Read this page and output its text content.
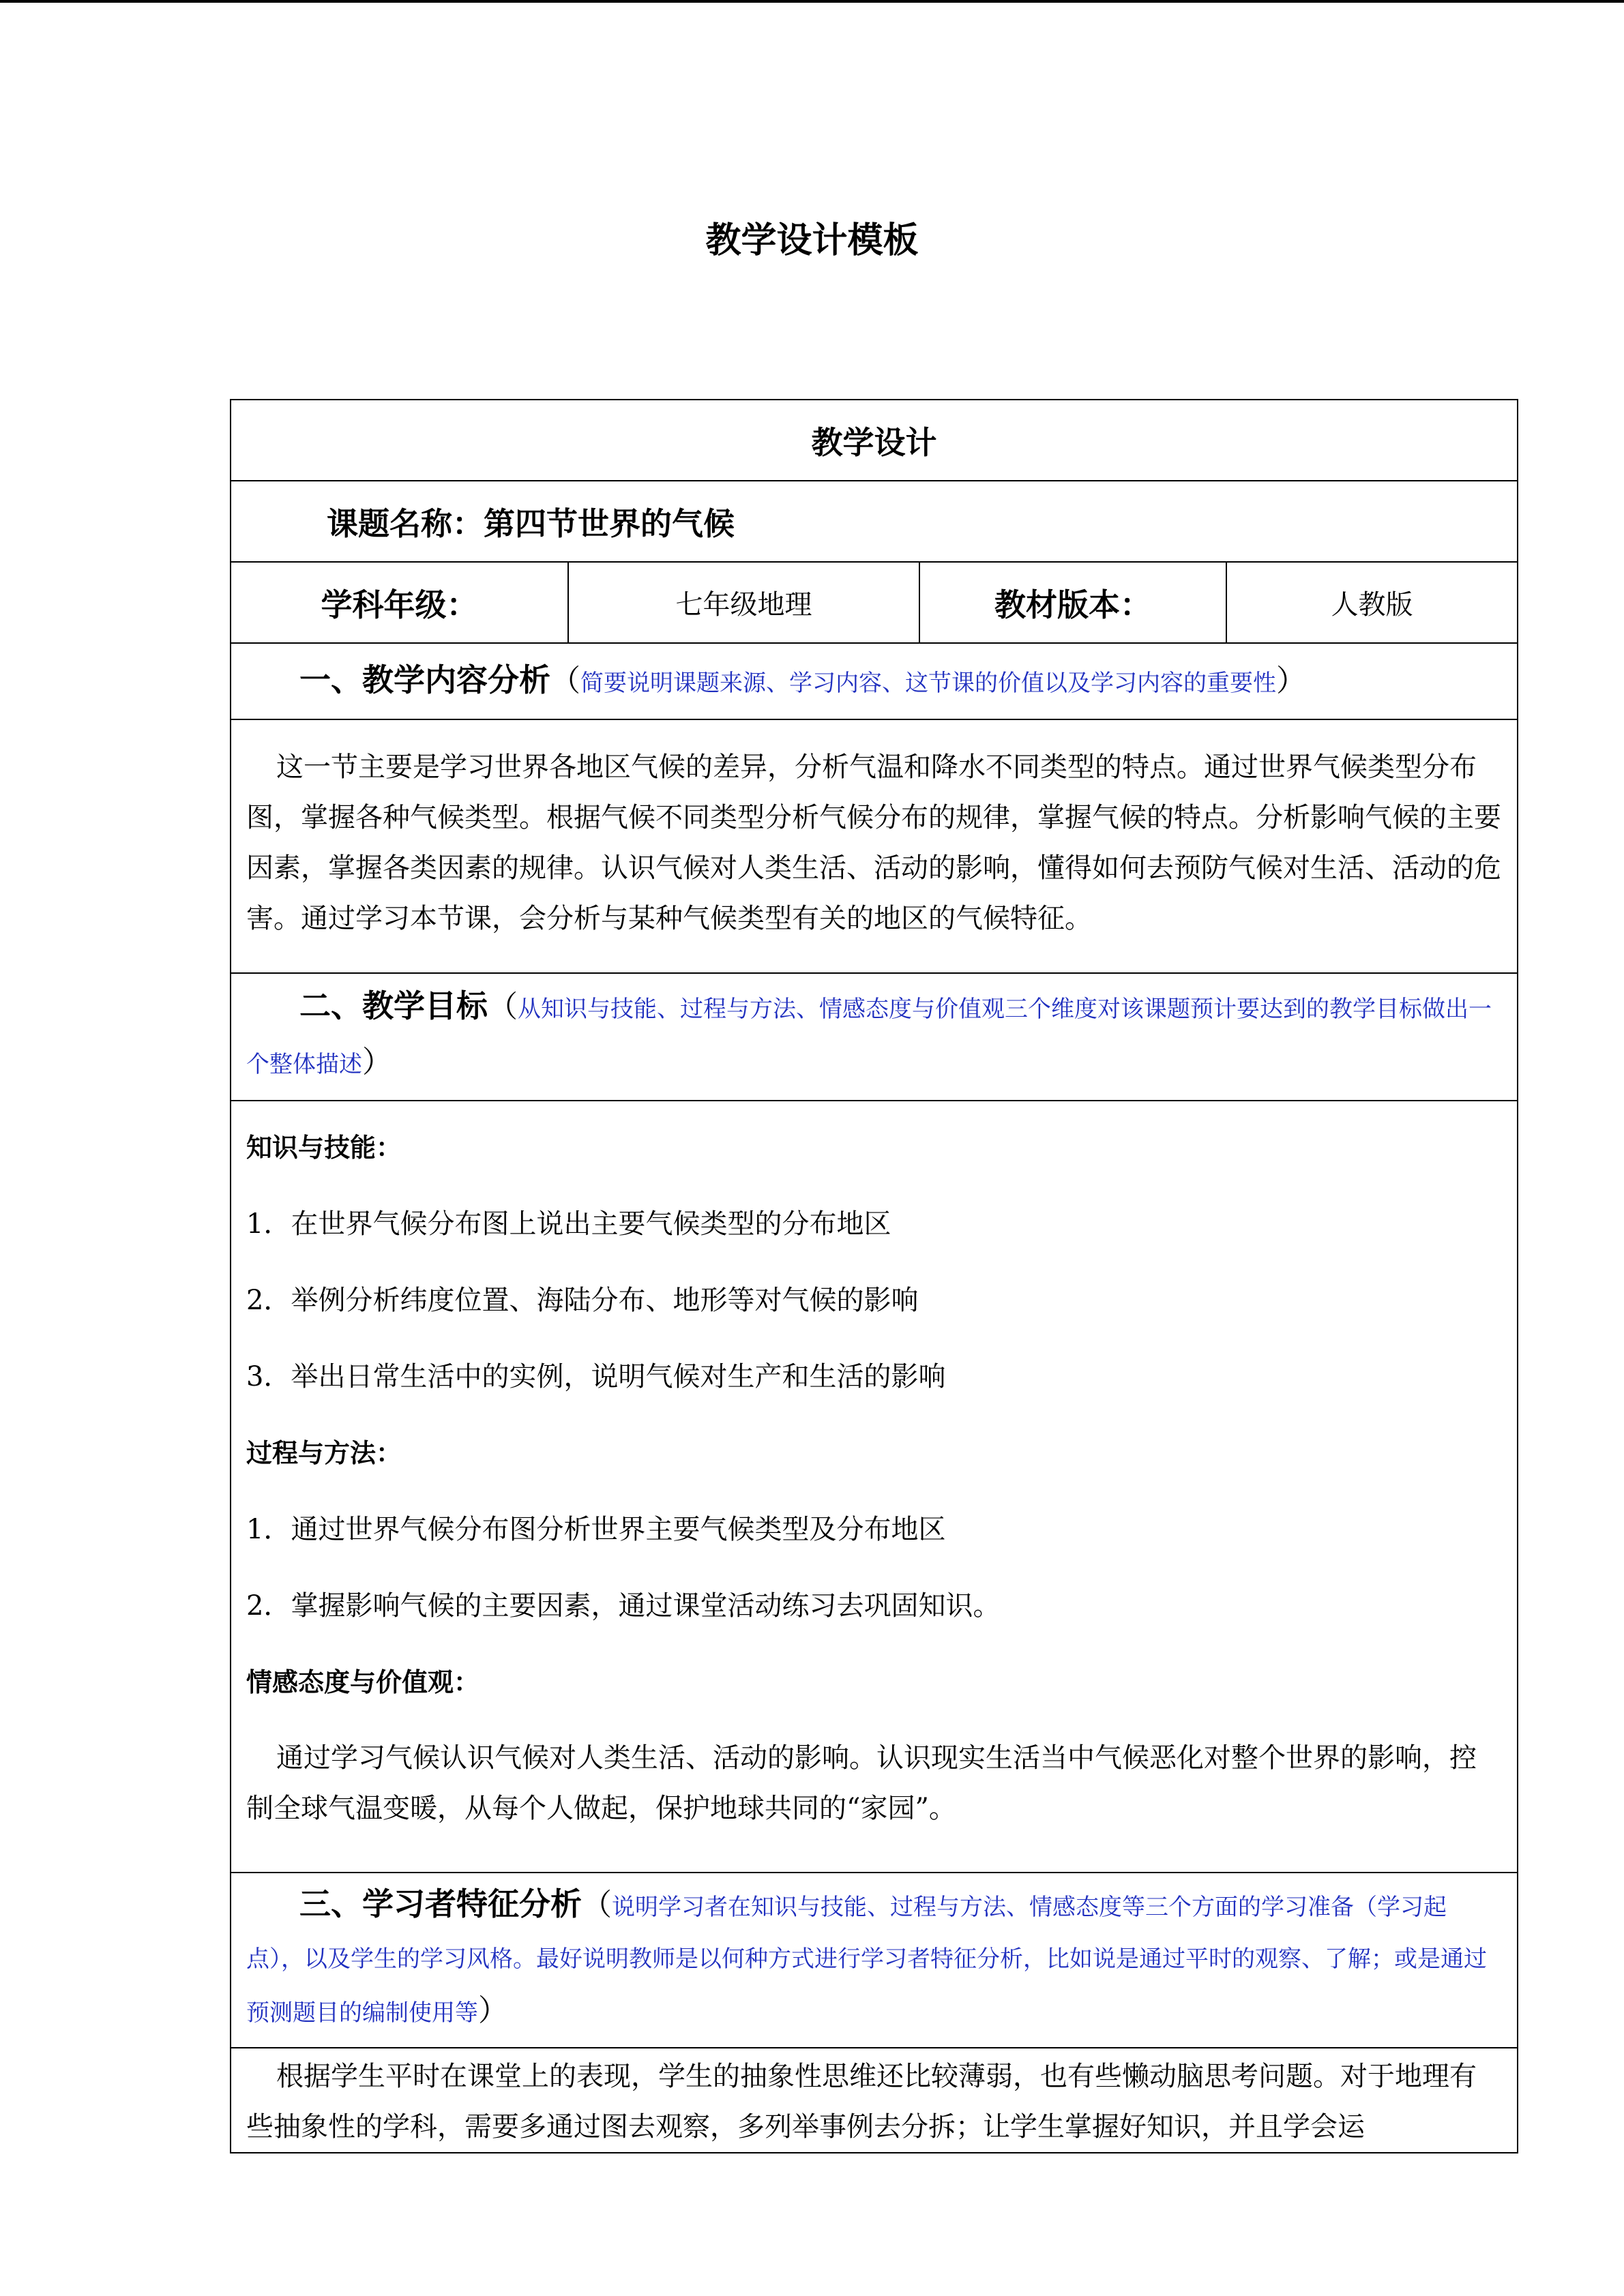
教学设计模板
教学设计
课题名称：第四节世界的气候
学科年级：	七年级地理	教材版本：	人教版
一、教学内容分析（简要说明课题来源、学习内容、这节课的价值以及学习内容的重要性）

这一节主要是学习世界各地区气候的差异，分析气温和降水不同类型的特点。通过世界气候类型分布图，掌握各种气候类型。根据气候不同类型分析气候分布的规律，掌握气候的特点。分析影响气候的主要因素，掌握各类因素的规律。认识气候对人类生活、活动的影响，懂得如何去预防气候对生活、活动的危害。通过学习本节课，会分析与某种气候类型有关的地区的气候特征。

二、教学目标（从知识与技能、过程与方法、情感态度与价值观三个维度对该课题预计要达到的教学目标做出一个整体描述）

知识与技能：
1．在世界气候分布图上说出主要气候类型的分布地区
2．举例分析纬度位置、海陆分布、地形等对气候的影响
3．举出日常生活中的实例，说明气候对生产和生活的影响
过程与方法：
1．通过世界气候分布图分析世界主要气候类型及分布地区
2．掌握影响气候的主要因素，通过课堂活动练习去巩固知识。
情感态度与价值观：

通过学习气候认识气候对人类生活、活动的影响。认识现实生活当中气候恶化对整个世界的影响，控制全球气温变暖，从每个人做起，保护地球共同的“家园”。

三、学习者特征分析（说明学习者在知识与技能、过程与方法、情感态度等三个方面的学习准备（学习起点），以及学生的学习风格。最好说明教师是以何种方式进行学习者特征分析，比如说是通过平时的观察、了解；或是通过预测题目的编制使用等）

根据学生平时在课堂上的表现，学生的抽象性思维还比较薄弱，也有些懒动脑思考问题。对于地理有些抽象性的学科，需要多通过图去观察，多列举事例去分拆；让学生掌握好知识，并且学会运
